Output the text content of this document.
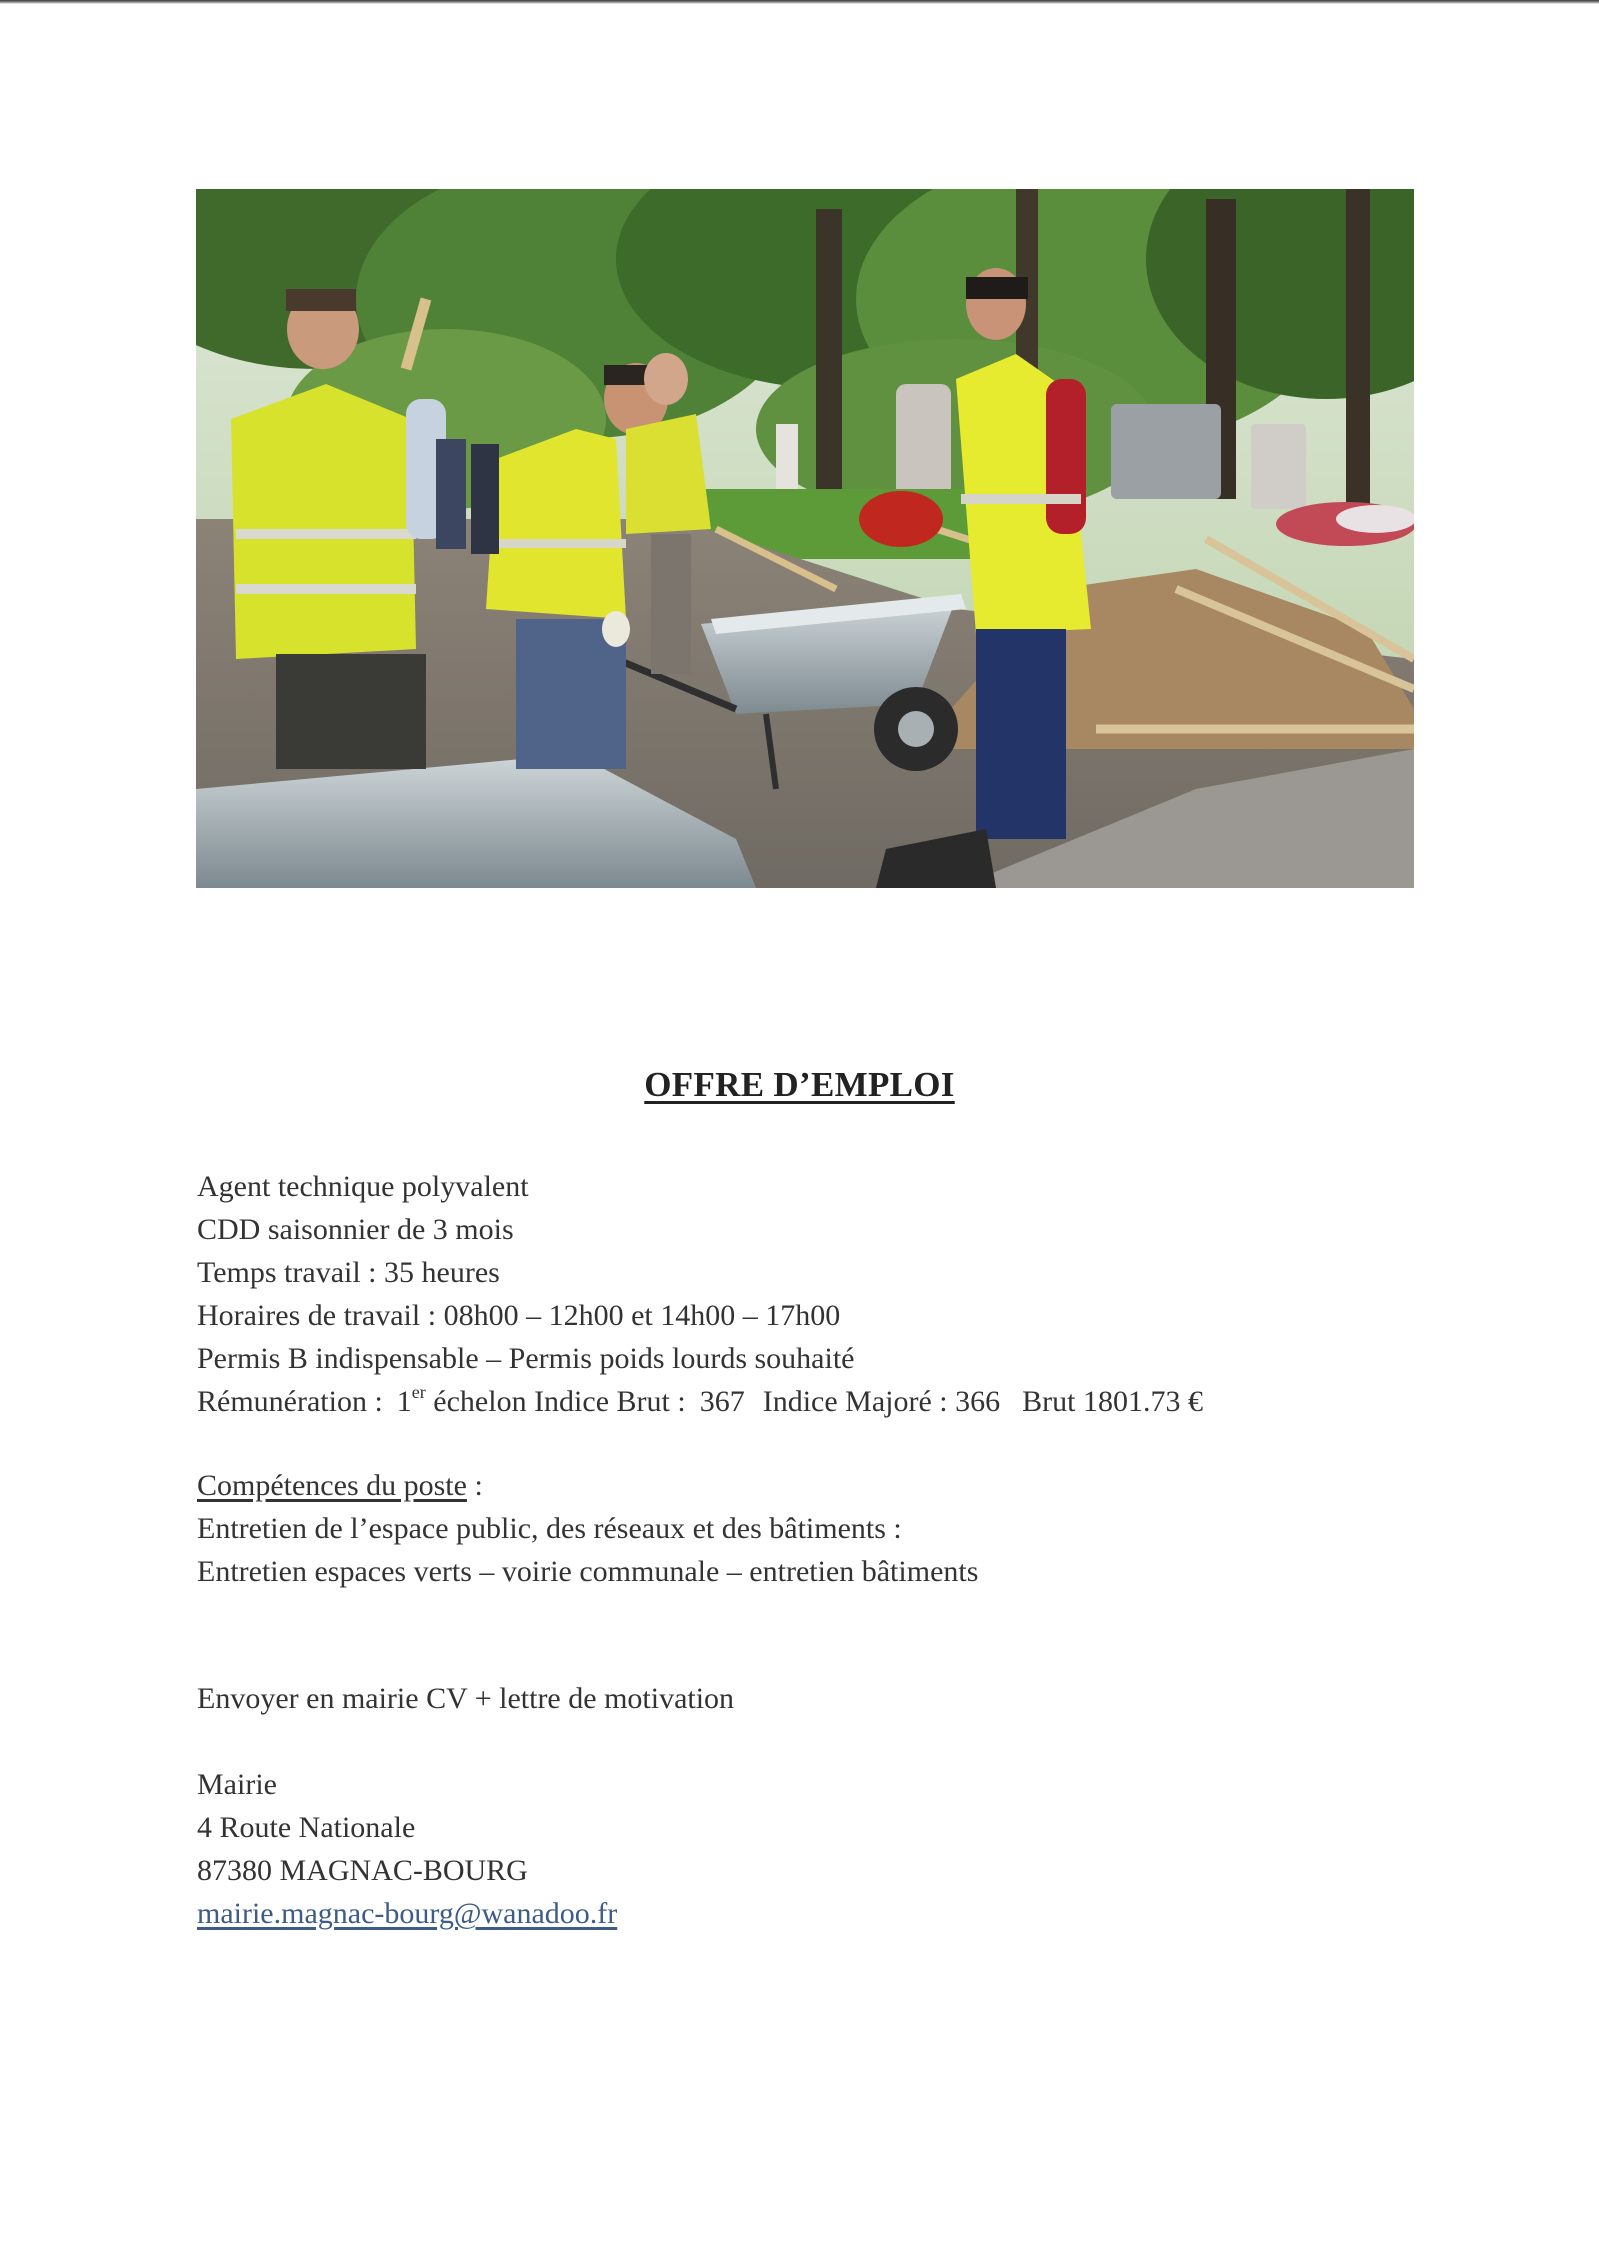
OFFRE D’EMPLOI
Agent technique polyvalent
CDD saisonnier de 3 mois
Temps travail : 35 heures
Horaires de travail : 08h00 – 12h00 et 14h00 – 17h00
Permis B indispensable – Permis poids lourds souhaité
Rémunération : 1er échelon Indice Brut : 367 Indice Majoré : 366 Brut 1801.73 €
Compétences du poste :
Entretien de l’espace public, des réseaux et des bâtiments :
Entretien espaces verts – voirie communale – entretien bâtiments
Envoyer en mairie CV + lettre de motivation
Mairie
4 Route Nationale
87380 MAGNAC-BOURG
mairie.magnac-bourg@wanadoo.fr
